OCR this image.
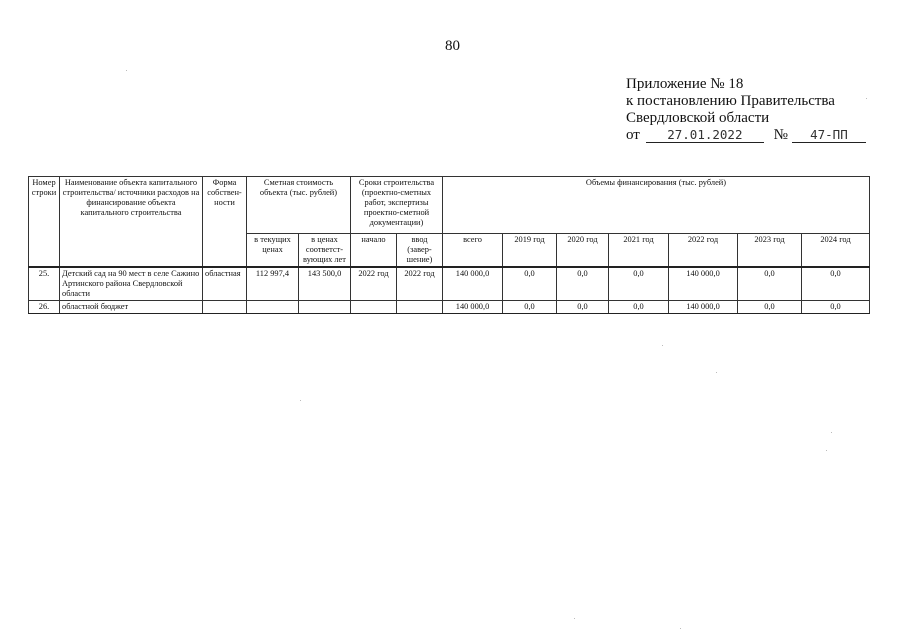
80
Приложение № 18
к постановлению Правительства
Свердловской области
от 27.01.2022 № 47-ПП
Номер строки	Наименование объекта капитального строительства/ источники расходов на финансирование объекта капитального строительства	Форма собствен-ности	Сметная стоимость объекта (тыс. рублей)		Сроки строительства (проектно-сметных работ, экспертизы проектно-сметной документации)		Объемы финансирования (тыс. рублей)						
			в текущих ценах	в ценах соответст-вующих лет	начало	ввод (завер-шение)	всего	2019 год	2020 год	2021 год	2022 год	2023 год	2024 год
25.	Детский сад на 90 мест в селе Сажино Артинского района Свердловской области	областная	112 997,4	143 500,0	2022 год	2022 год	140 000,0	0,0	0,0	0,0	140 000,0	0,0	0,0
26.	областной бюджет						140 000,0	0,0	0,0	0,0	140 000,0	0,0	0,0
